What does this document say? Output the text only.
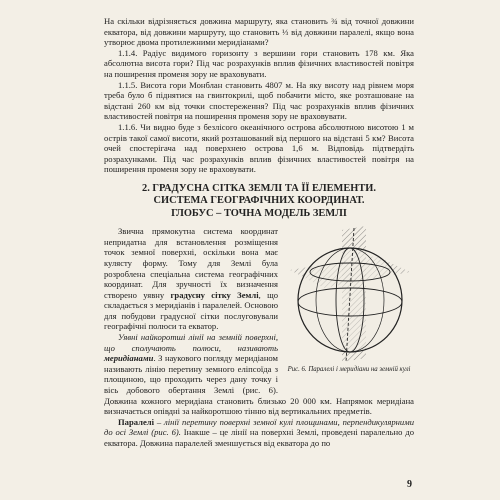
На скільки відрізняється довжина маршруту, яка становить ¾ від точної довжини екватора, від довжини маршруту, що становить ⅓ від довжини паралелі, якщо вона утворює двома протилежними меридіанами?

1.1.4. Радіус видимого горизонту з вершини гори становить 178 км. Яка абсолютна висота гори? Під час розрахунків вплив фізичних властивостей повітря на поширення променя зору не враховувати.

1.1.5. Висота гори Монблан становить 4807 м. На яку висоту над рівнем моря треба було б піднятися на гвинтокрилі, щоб побачити місто, яке розташоване на відстані 260 км від точки спостереження? Під час розрахунків вплив фізичних властивостей повітря на поширення променя зору не враховувати.

1.1.6. Чи видно буде з безлісого океанічного острова абсолютною висотою 1 м острів такої самої висоти, який розташований від першого на відстані 5 км? Висота очей спостерігача над поверхнею острова 1,6 м. Відповідь підтвердіть розрахунками. Під час розрахунків вплив фізичних властивостей повітря на поширення променя зору не враховувати.

2. ГРАДУСНА СІТКА ЗЕМЛІ ТА ЇЇ ЕЛЕМЕНТИ.
СИСТЕМА ГЕОГРАФІЧНИХ КООРДИНАТ.
ГЛОБУС – ТОЧНА МОДЕЛЬ ЗЕМЛІ
Рис. 6. Паралелі і меридіани на земній кулі

Звична прямокутна система координат непридатна для встановлення розміщення точок земної поверхні, оскільки вона має кулясту форму. Тому для Землі була розроблена спеціальна система географічних координат. Для зручності їх визначення створено уявну градусну сітку Землі, що складається з меридіанів і паралелей. Основою для побудови градусної сітки послуговували географічні полюси та екватор.

Уявні найкоротші лінії на земній поверхні, що сполучають полюси, називають меридіанами. З наукового погляду меридіаном називають лінію перетину земного еліпсоїда з площиною, що проходить через дану точку і вісь добового обертання Землі (рис. 6). Довжина кожного меридіана становить близько 20 000 км. Напрямок меридіана визначається опівдні за найкоротшою тінню від вертикальних предметів.

Паралелі – лінії перетину поверхні земної кулі площинами, перпендикулярними до осі Землі (рис. 6). Інакше – це лінії на поверхні Землі, проведені паралельно до екватора. Довжина паралелей зменшується від екватора до по

9
